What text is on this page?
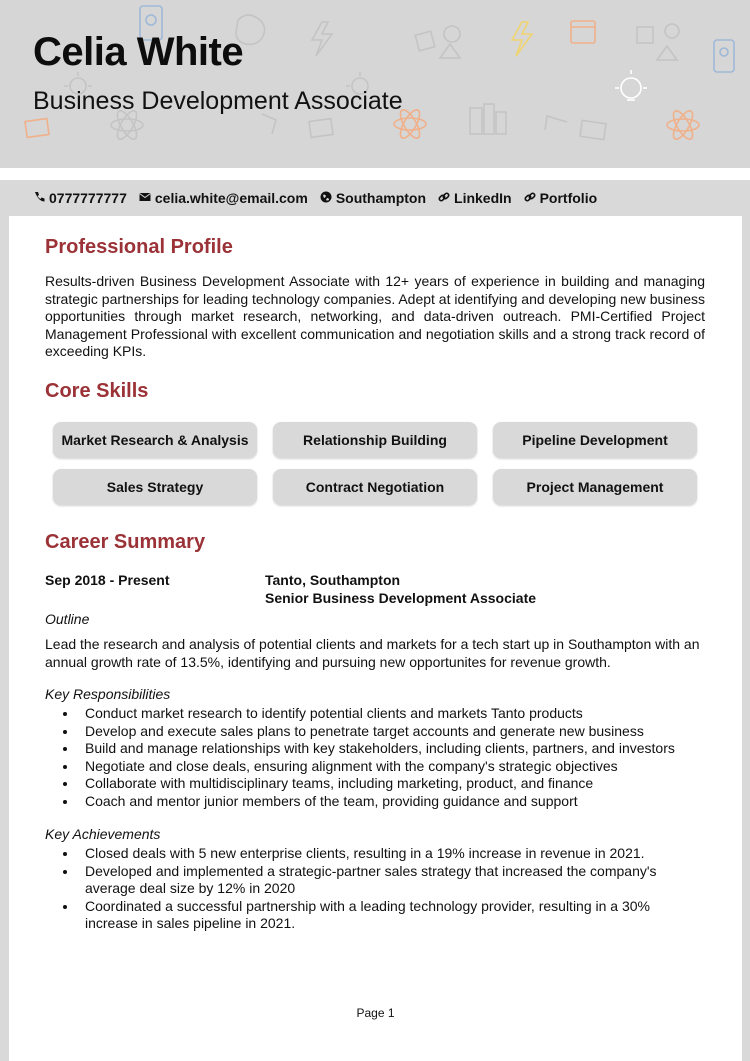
Celia White
Business Development Associate
0777777777 celia.white@email.com Southampton LinkedIn Portfolio
Professional Profile
Results-driven Business Development Associate with 12+ years of experience in building and managing strategic partnerships for leading technology companies. Adept at identifying and developing new business opportunities through market research, networking, and data-driven outreach. PMI-Certified Project Management Professional with excellent communication and negotiation skills and a strong track record of exceeding KPIs.
Core Skills
Market Research & Analysis	Relationship Building	Pipeline Development
Sales Strategy	Contract Negotiation	Project Management
Career Summary
Sep 2018 - Present	Tanto, Southampton
Senior Business Development Associate
Outline
Lead the research and analysis of potential clients and markets for a tech start up in Southampton with an annual growth rate of 13.5%, identifying and pursuing new opportunites for revenue growth.
Key Responsibilities
Conduct market research to identify potential clients and markets Tanto products
Develop and execute sales plans to penetrate target accounts and generate new business
Build and manage relationships with key stakeholders, including clients, partners, and investors
Negotiate and close deals, ensuring alignment with the company's strategic objectives
Collaborate with multidisciplinary teams, including marketing, product, and finance
Coach and mentor junior members of the team, providing guidance and support
Key Achievements
Closed deals with 5 new enterprise clients, resulting in a 19% increase in revenue in 2021.
Developed and implemented a strategic-partner sales strategy that increased the company's average deal size by 12% in 2020
Coordinated a successful partnership with a leading technology provider, resulting in a 30% increase in sales pipeline in 2021.
Page 1
